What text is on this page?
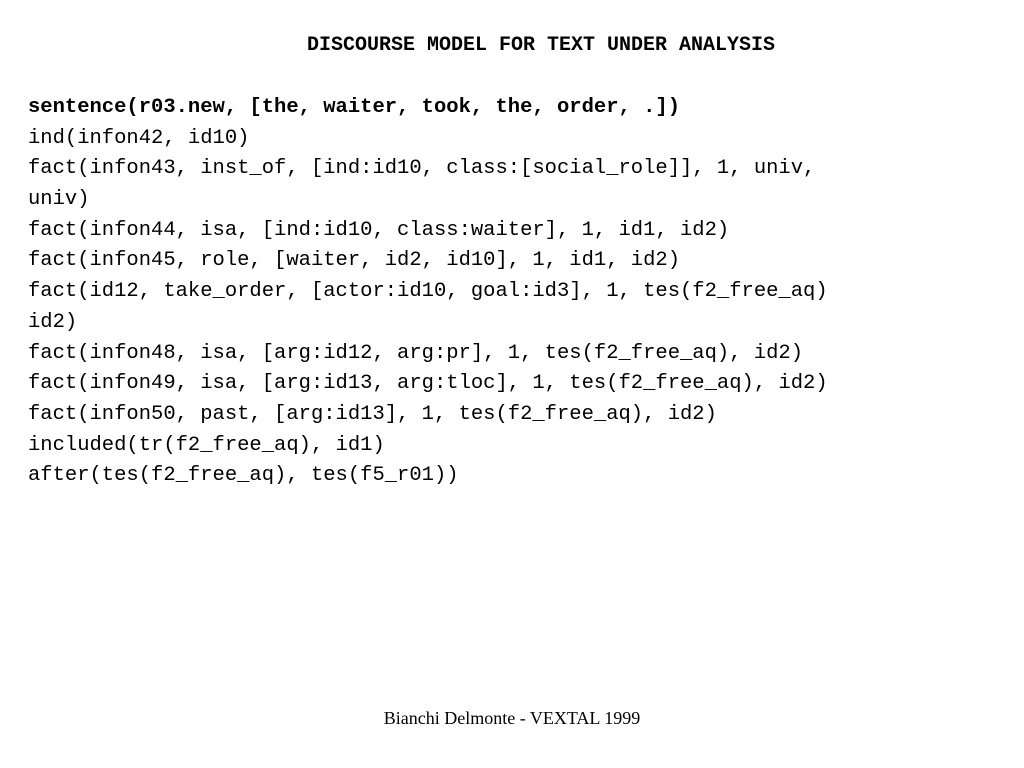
DISCOURSE MODEL FOR TEXT UNDER ANALYSIS
sentence(r03.new, [the, waiter, took, the, order, .])
ind(infon42, id10)
fact(infon43, inst_of, [ind:id10, class:[social_role]], 1, univ,
univ)
fact(infon44, isa, [ind:id10, class:waiter], 1, id1, id2)
fact(infon45, role, [waiter, id2, id10], 1, id1, id2)
fact(id12, take_order, [actor:id10, goal:id3], 1, tes(f2_free_aq)
id2)
fact(infon48, isa, [arg:id12, arg:pr], 1, tes(f2_free_aq), id2)
fact(infon49, isa, [arg:id13, arg:tloc], 1, tes(f2_free_aq), id2)
fact(infon50, past, [arg:id13], 1, tes(f2_free_aq), id2)
included(tr(f2_free_aq), id1)
after(tes(f2_free_aq), tes(f5_r01))
Bianchi Delmonte - VEXTAL 1999
